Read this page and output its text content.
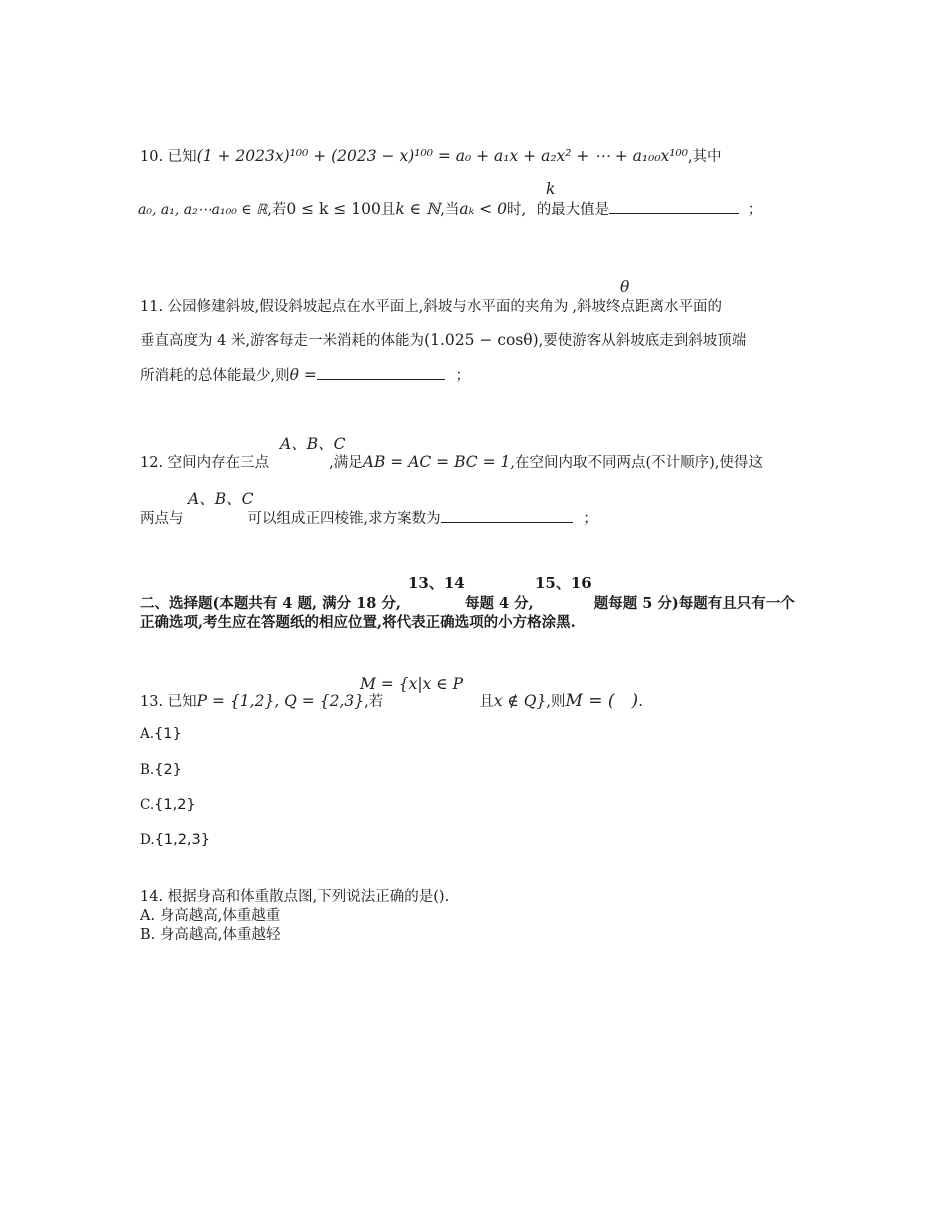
10. 已知(1 + 2023x)¹⁰⁰ + (2023 − x)¹⁰⁰ = a₀ + a₁x + a₂x² + ⋯ + a₁₀₀x¹⁰⁰,其中
k
a₀, a₁, a₂⋯a₁₀₀ ∈ ℝ,若0 ≤ k ≤ 100且k ∈ ℕ,当aₖ < 0时, 的最大值是	；
θ
11. 公园修建斜坡,假设斜坡起点在水平面上,斜坡与水平面的夹角为 ,斜坡终点距离水平面的
垂直高度为 4 米,游客每走一米消耗的体能为(1.025 − cosθ),要使游客从斜坡底走到斜坡顶端
所消耗的总体能最少,则θ =	；
A、B、C
12. 空间内存在三点	,满足AB = AC = BC = 1,在空间内取不同两点(不计顺序),使得这
A、B、C
两点与	可以组成正四棱锥,求方案数为	；
13、14	15、16
二、选择题(本题共有 4 题, 满分 18 分,	每题 4 分,	题每题 5 分)每题有且只有一个
正确选项,考生应在答题纸的相应位置,将代表正确选项的小方格涂黑.
M = {x|x ∈ P
13. 已知P = {1,2}, Q = {2,3},若	且x ∉ Q},则M = ( ).
A.{1}
B.{2}
C.{1,2}
D.{1,2,3}
14. 根据身高和体重散点图,下列说法正确的是().
A. 身高越高,体重越重
B. 身高越高,体重越轻
